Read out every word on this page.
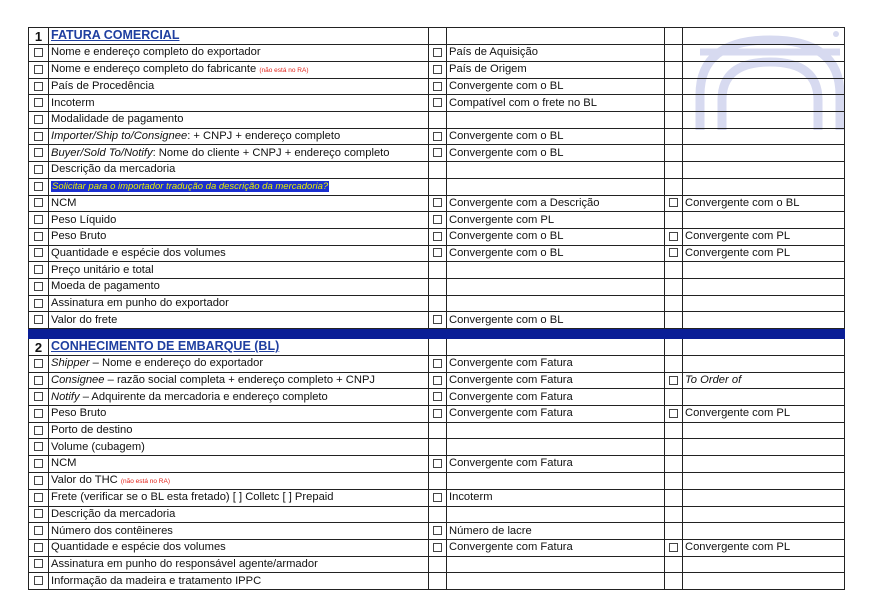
1	FATURA COMERCIAL				
	Nome e endereço completo do exportador		País de Aquisição		
	Nome e endereço completo do fabricante (não está no RA)		País de Origem		
	País de Procedência		Convergente com o BL		
	Incoterm		Compatível com o frete no BL		
	Modalidade de pagamento				
	Importer/Ship to/Consignee: + CNPJ + endereço completo		Convergente com o BL		
	Buyer/Sold To/Notify: Nome do cliente + CNPJ + endereço completo		Convergente com o BL		
	Descrição da mercadoria				
	Solicitar para o importador tradução da descrição da mercadoria?				
	NCM		Convergente com a Descrição		Convergente com o BL
	Peso Líquido		Convergente com PL		
	Peso Bruto		Convergente com o BL		Convergente com PL
	Quantidade e espécie dos volumes		Convergente com o BL		Convergente com PL
	Preço unitário e total				
	Moeda de pagamento				
	Assinatura em punho do exportador				
	Valor do frete		Convergente com o BL		

2	CONHECIMENTO DE EMBARQUE (BL)				
	Shipper – Nome e endereço do exportador		Convergente com Fatura		
	Consignee – razão social completa + endereço completo + CNPJ		Convergente com Fatura		To Order of
	Notify – Adquirente da mercadoria e endereço completo		Convergente com Fatura		
	Peso Bruto		Convergente com Fatura		Convergente com PL
	Porto de destino				
	Volume (cubagem)				
	NCM		Convergente com Fatura		
	Valor do THC (não está no RA)				
	Frete (verificar se o BL esta fretado) [ ] Colletc [ ] Prepaid		Incoterm		
	Descrição da mercadoria				
	Número dos contêineres		Número de lacre		
	Quantidade e espécie dos volumes		Convergente com Fatura		Convergente com PL
	Assinatura em punho do responsável agente/armador				
	Informação da madeira e tratamento IPPC				
